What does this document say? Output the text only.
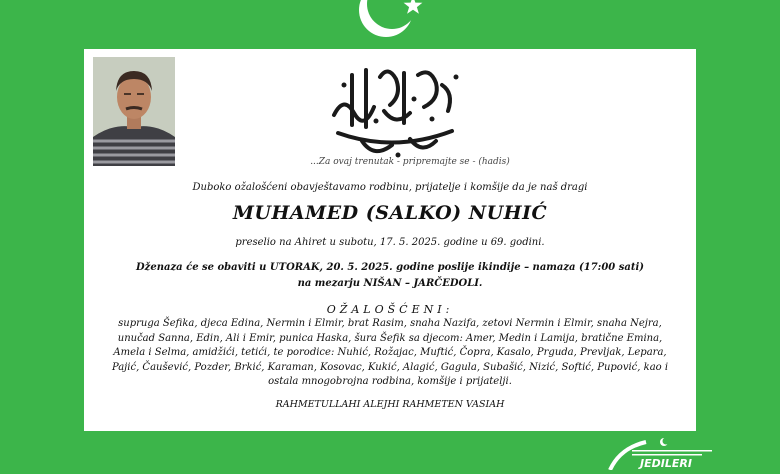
...Za ovaj trenutak - pripremajte se - (hadis)
Duboko ožalošćeni obavještavamo rodbinu, prijatelje i komšije da je naš dragi
MUHAMED (SALKO) NUHIĆ
preselio na Ahiret u subotu, 17. 5. 2025. godine u 69. godini.
Dženaza će se obaviti u UTORAK, 20. 5. 2025. godine poslije ikindije – namaza (17:00 sati)
na mezarju NIŠAN – JARČEDOLI.
OŽALOŠĆENI:
supruga Šefika, djeca Edina, Nermin i Elmir, brat Rasim, snaha Nazifa, zetovi Nermin i Elmir, snaha Nejra,
unučad Sanna, Edin, Ali i Emir, punica Haska, šura Šefik sa djecom: Amer, Medin i Lamija, bratične Emina,
Amela i Selma, amidžići, tetići, te porodice: Nuhić, Rožajac, Muftić, Čopra, Kasalo, Prguda, Prevljak, Lepara,
Pajić, Čaušević, Pozder, Brkić, Karaman, Kosovac, Kukić, Alagić, Gagula, Subašić, Nizić, Softić, Pupović, kao i
ostala mnogobrojna rodbina, komšije i prijatelji.
RAHMETULLAHI ALEJHI RAHMETEN VASIAH
JEDILERI
